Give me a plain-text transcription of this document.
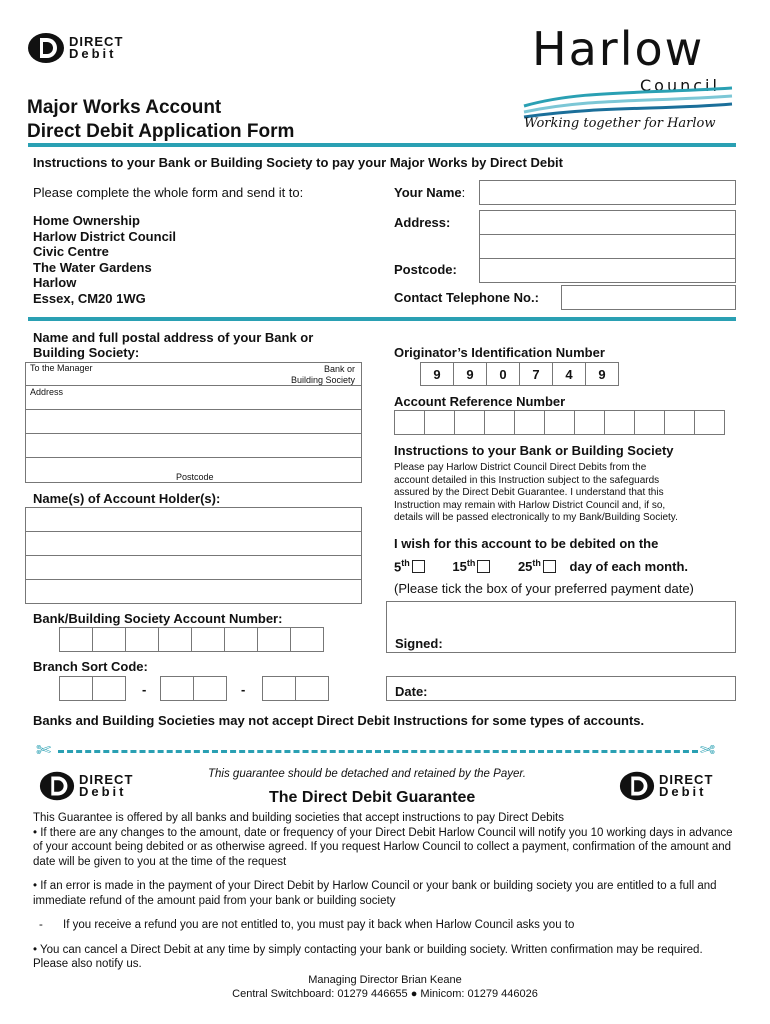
DIRECT
Debit	Harlow
Council
Working together for Harlow
Major Works Account
Direct Debit Application Form
Instructions to your Bank or Building Society to pay your Major Works by Direct Debit
Please complete the whole form and send it to:
Home Ownership
Harlow District Council
Civic Centre
The Water Gardens
Harlow
Essex, CM20 1WG
Your Name:
Address:
Postcode:
Contact Telephone No.:
Name and full postal address of your Bank or
Building Society:
To the Manager	Bank or
Building Society
Address
Postcode
Name(s) of Account Holder(s):
Originator’s Identification Number
9	9	0	7	4	9
Account Reference Number
Instructions to your Bank or Building Society
Please pay Harlow District Council Direct Debits from the
account detailed in this Instruction subject to the safeguards
assured by the Direct Debit Guarantee. I understand that this
Instruction may remain with Harlow District Council and, if so,
details will be passed electronically to my Bank/Building Society.
I wish for this account to be debited on the
5th	15th	25th day of each month.
(Please tick the box of your preferred payment date)
Bank/Building Society Account Number:
Branch Sort Code:
-	-
Signed:
Date:
Banks and Building Societies may not accept Direct Debit Instructions for some types of accounts.
✄	✄
DIRECT
Debit
DIRECT
Debit
This guarantee should be detached and retained by the Payer.
The Direct Debit Guarantee
This Guarantee is offered by all banks and building societies that accept instructions to pay Direct Debits
• If there are any changes to the amount, date or frequency of your Direct Debit Harlow Council will notify you 10 working days in advance of your account being debited or as otherwise agreed. If you request Harlow Council to collect a payment, confirmation of the amount and date will be given to you at the time of the request
• If an error is made in the payment of your Direct Debit by Harlow Council or your bank or building society you are entitled to a full and immediate refund of the amount paid from your bank or building society
-	If you receive a refund you are not entitled to, you must pay it back when Harlow Council asks you to
• You can cancel a Direct Debit at any time by simply contacting your bank or building society. Written confirmation may be required. Please also notify us.
Managing Director Brian Keane
Central Switchboard: 01279 446655 ● Minicom: 01279 446026
